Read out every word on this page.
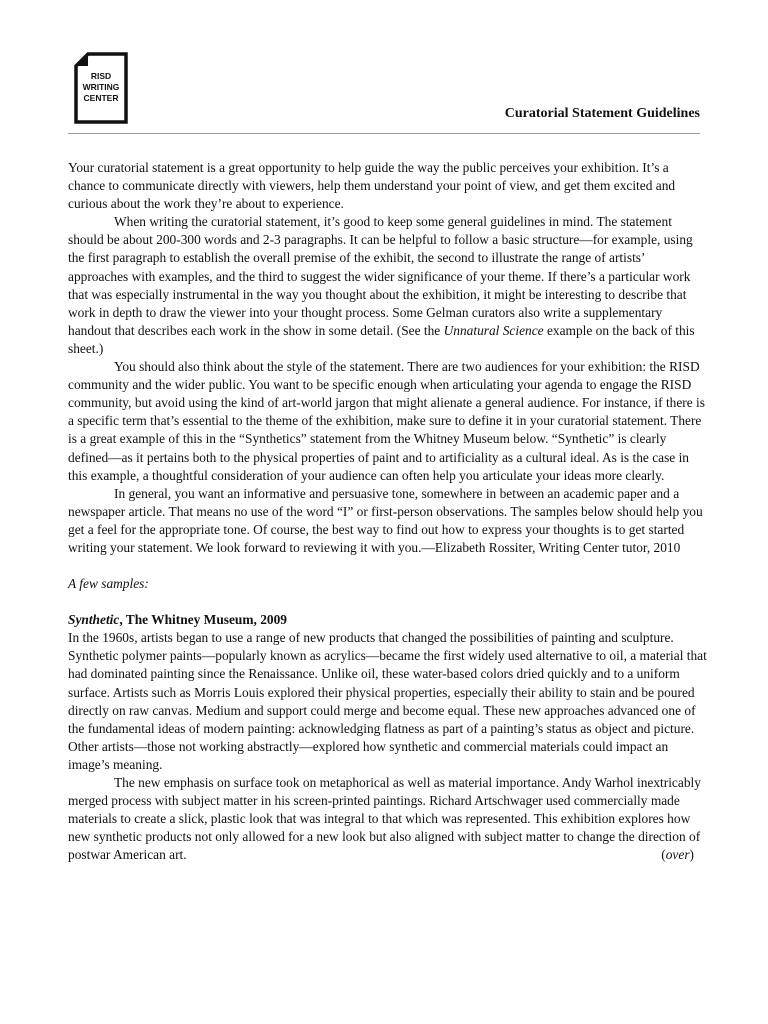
RISD
WRITING
CENTER
Curatorial Statement Guidelines

Your curatorial statement is a great opportunity to help guide the way the public perceives your exhibition. It’s a chance to communicate directly with viewers, help them understand your point of view, and get them excited and curious about the work they’re about to experience.

When writing the curatorial statement, it’s good to keep some general guidelines in mind. The statement should be about 200-300 words and 2-3 paragraphs. It can be helpful to follow a basic structure—for example, using the first paragraph to establish the overall premise of the exhibit, the second to illustrate the range of artists’ approaches with examples, and the third to suggest the wider significance of your theme. If there’s a particular work that was especially instrumental in the way you thought about the exhibition, it might be interesting to describe that work in depth to draw the viewer into your thought process. Some Gelman curators also write a supplementary handout that describes each work in the show in some detail. (See the Unnatural Science example on the back of this sheet.)

You should also think about the style of the statement. There are two audiences for your exhibition: the RISD community and the wider public. You want to be specific enough when articulating your agenda to engage the RISD community, but avoid using the kind of art-world jargon that might alienate a general audience. For instance, if there is a specific term that’s essential to the theme of the exhibition, make sure to define it in your curatorial statement. There is a great example of this in the “Synthetics” statement from the Whitney Museum below. “Synthetic” is clearly defined—as it pertains both to the physical properties of paint and to artificiality as a cultural ideal. As is the case in this example, a thoughtful consideration of your audience can often help you articulate your ideas more clearly.

In general, you want an informative and persuasive tone, somewhere in between an academic paper and a newspaper article. That means no use of the word “I” or first-person observations. The samples below should help you get a feel for the appropriate tone. Of course, the best way to find out how to express your thoughts is to get started writing your statement. We look forward to reviewing it with you.—Elizabeth Rossiter, Writing Center tutor, 2010

A few samples:

Synthetic, The Whitney Museum, 2009

In the 1960s, artists began to use a range of new products that changed the possibilities of painting and sculpture. Synthetic polymer paints—popularly known as acrylics—became the first widely used alternative to oil, a material that had dominated painting since the Renaissance. Unlike oil, these water-based colors dried quickly and to a uniform surface. Artists such as Morris Louis explored their physical properties, especially their ability to stain and be poured directly on raw canvas. Medium and support could merge and become equal. These new approaches advanced one of the fundamental ideas of modern painting: acknowledging flatness as part of a painting’s status as object and picture. Other artists—those not working abstractly—explored how synthetic and commercial materials could impact an image’s meaning.

The new emphasis on surface took on metaphorical as well as material importance. Andy Warhol inextricably merged process with subject matter in his screen-printed paintings. Richard Artschwager used commercially made materials to create a slick, plastic look that was integral to that which was represented. This exhibition explores how new synthetic products not only allowed for a new look but also aligned with subject matter to change the direction of postwar American art.	(over)
